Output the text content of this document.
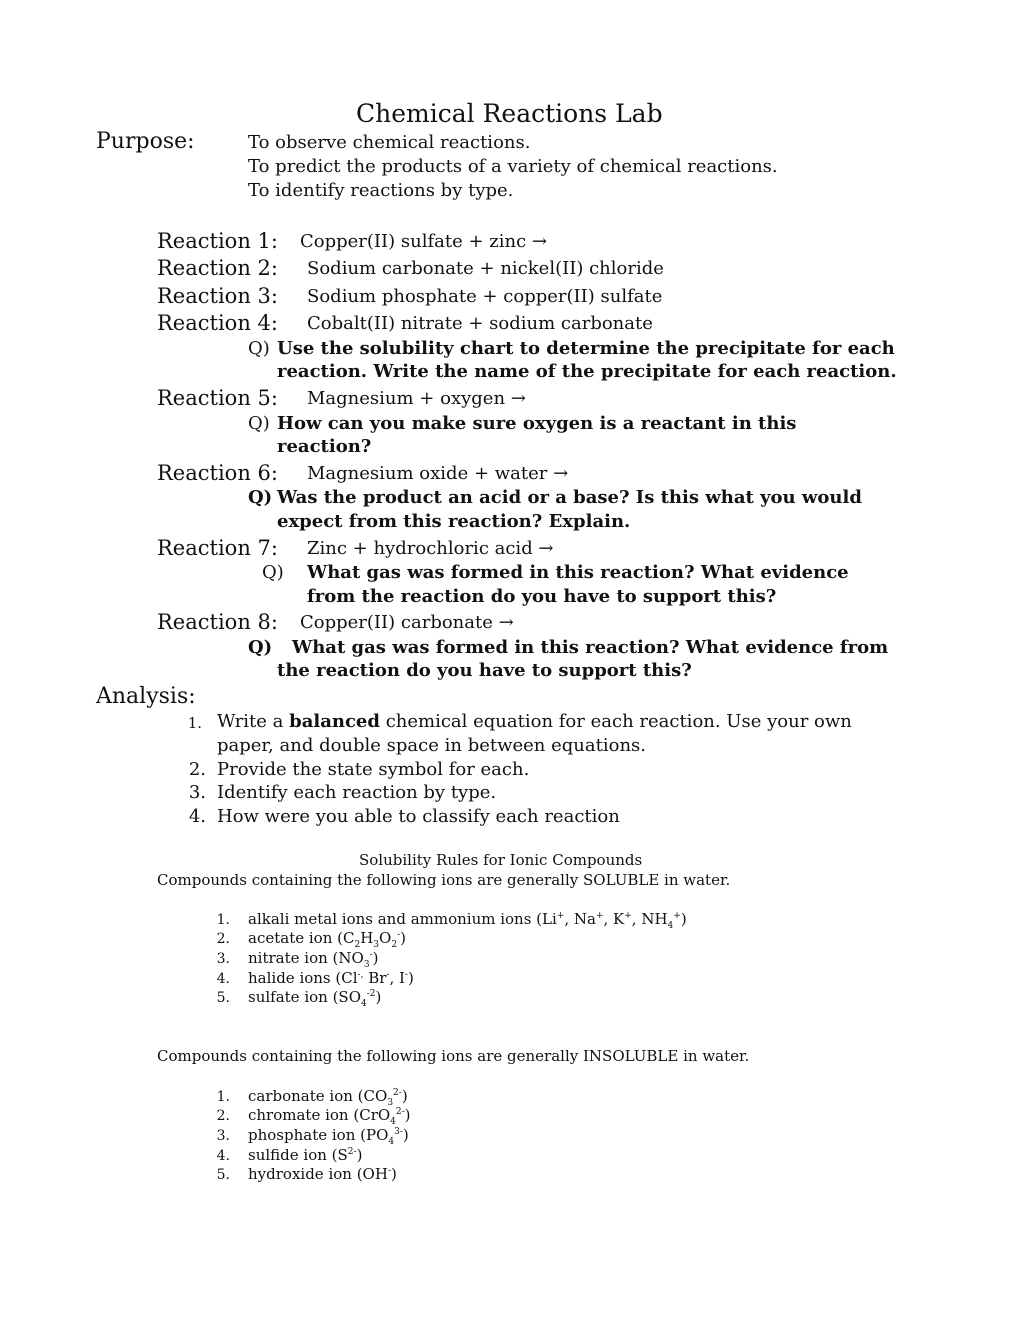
Chemical Reactions Lab
Purpose:	To observe chemical reactions.
To predict the products of a variety of chemical reactions.
To identify reactions by type.
Reaction 1: Copper(II) sulfate + zinc →
Reaction 2: Sodium carbonate + nickel(II) chloride
Reaction 3: Sodium phosphate + copper(II) sulfate
Reaction 4: Cobalt(II) nitrate + sodium carbonate
Q) Use the solubility chart to determine the precipitate for each
reaction. Write the name of the precipitate for each reaction.
Reaction 5: Magnesium + oxygen →
Q) How can you make sure oxygen is a reactant in this
reaction?
Reaction 6: Magnesium oxide + water →
Q) Was the product an acid or a base? Is this what you would
expect from this reaction? Explain.
Reaction 7: Zinc + hydrochloric acid →
Q) What gas was formed in this reaction? What evidence
from the reaction do you have to support this?
Reaction 8: Copper(II) carbonate →
Q) What gas was formed in this reaction? What evidence from
the reaction do you have to support this?
Analysis:
1. Write a balanced chemical equation for each reaction. Use your own
paper, and double space in between equations.
2. Provide the state symbol for each.
3. Identify each reaction by type.
4. How were you able to classify each reaction
Solubility Rules for Ionic Compounds
Compounds containing the following ions are generally SOLUBLE in water.
1. alkali metal ions and ammonium ions (Li+, Na+, K+, $NH_4^+$)
2. acetate ion $(C_2H_3O_2^-)$
3. nitrate ion $(NO_3^-)$
4. halide ions (Cl-, Br-, I-)
5. sulfate ion $(SO_4^{-2})$
Compounds containing the following ions are generally INSOLUBLE in water.
1. carbonate ion $(CO_3^{2-})$
2. chromate ion (CrO$_4^{2-}$)
3. phosphate ion $(PO_4^{3-})$
4. sulfide ion $(S^{2-})$
5. hydroxide ion (OH-)
